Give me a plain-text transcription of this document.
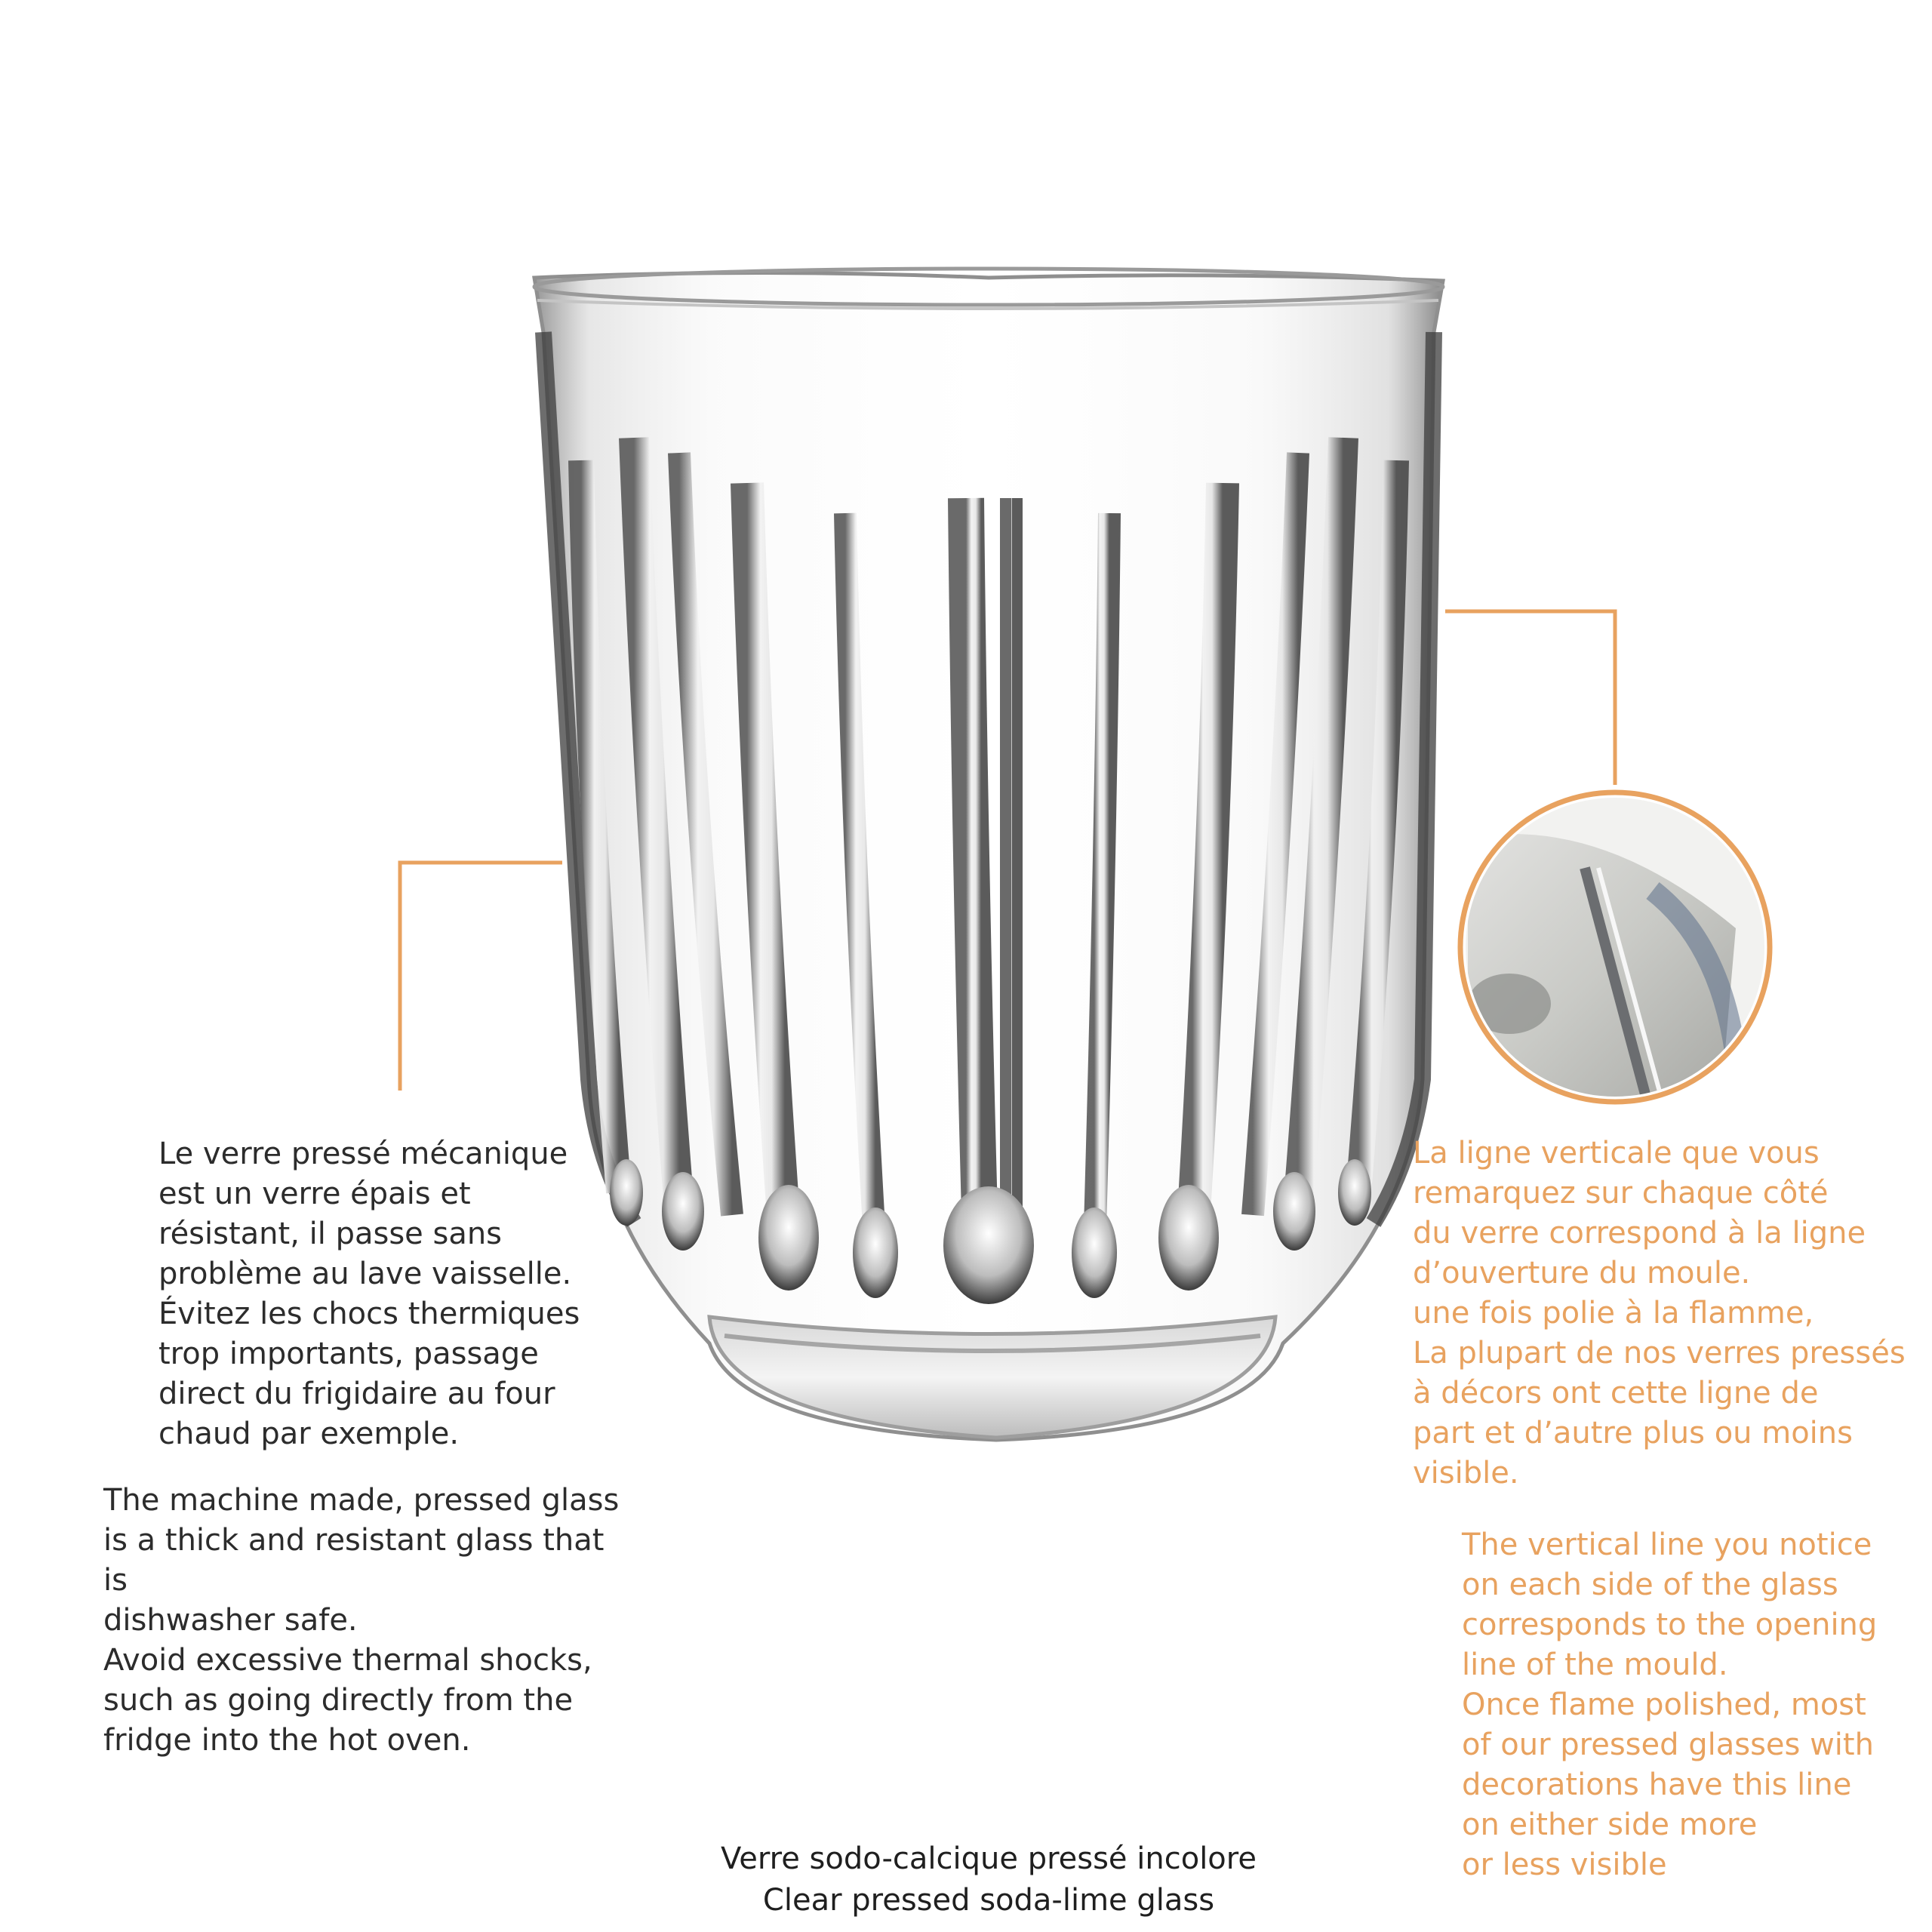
Le verre pressé mécanique
est un verre épais et
résistant, il passe sans
problème au lave vaisselle.
Évitez les chocs thermiques
trop importants, passage
direct du frigidaire au four
chaud par exemple.
The machine made, pressed glass
is a thick and resistant glass that is
dishwasher safe.
Avoid excessive thermal shocks,
such as going directly from the
fridge into the hot oven.
La ligne verticale que vous
remarquez sur chaque côté
du verre correspond à la ligne
d’ouverture du moule.
une fois polie à la flamme,
La plupart de nos verres pressés
à décors ont cette ligne de
part et d’autre plus ou moins
visible.
The vertical line you notice
on each side of the glass
corresponds to the opening
line of the mould.
Once flame polished, most
of our pressed glasses with
decorations have this line
on either side more
or less visible
Verre sodo-calcique pressé incolore
Clear pressed soda-lime glass
